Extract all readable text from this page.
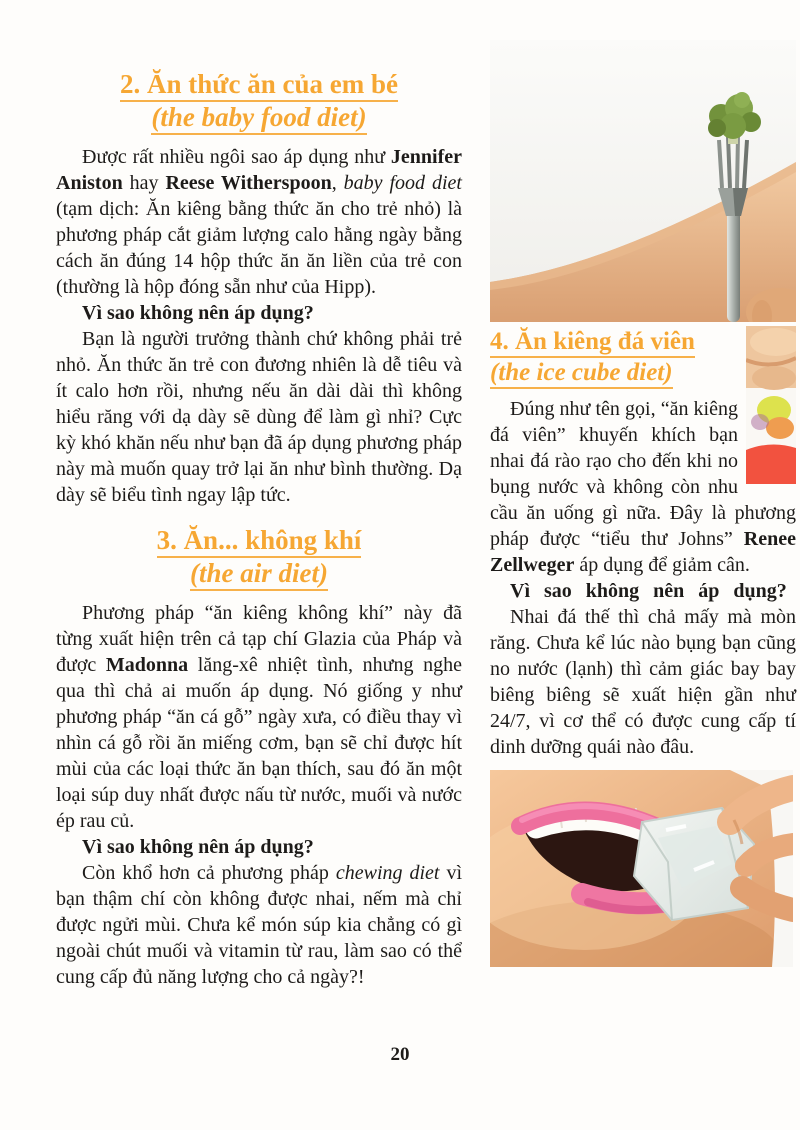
2. Ăn thức ăn của em bé
(the baby food diet)

Được rất nhiều ngôi sao áp dụng như Jennifer Aniston hay Reese Witherspoon, baby food diet (tạm dịch: Ăn kiêng bằng thức ăn cho trẻ nhỏ) là phương pháp cắt giảm lượng calo hằng ngày bằng cách ăn đúng 14 hộp thức ăn ăn liền của trẻ con (thường là hộp đóng sẵn như của Hipp).

Vì sao không nên áp dụng?

Bạn là người trưởng thành chứ không phải trẻ nhỏ. Ăn thức ăn trẻ con đương nhiên là dễ tiêu và ít calo hơn rồi, nhưng nếu ăn dài dài thì không hiểu răng với dạ dày sẽ dùng để làm gì nhỉ? Cực kỳ khó khăn nếu như bạn đã áp dụng phương pháp này mà muốn quay trở lại ăn như bình thường. Dạ dày sẽ biểu tình ngay lập tức.

3. Ăn... không khí
(the air diet)

Phương pháp “ăn kiêng không khí” này đã từng xuất hiện trên cả tạp chí Glazia của Pháp và được Madonna lăng-xê nhiệt tình, nhưng nghe qua thì chả ai muốn áp dụng. Nó giống y như phương pháp “ăn cá gỗ” ngày xưa, có điều thay vì nhìn cá gỗ rồi ăn miếng cơm, bạn sẽ chỉ được hít mùi của các loại thức ăn bạn thích, sau đó ăn một loại súp duy nhất được nấu từ nước, muối và nước ép rau củ.

Vì sao không nên áp dụng?

Còn khổ hơn cả phương pháp chewing diet vì bạn thậm chí còn không được nhai, nếm mà chỉ được ngửi mùi. Chưa kể món súp kia chẳng có gì ngoài chút muối và vitamin từ rau, làm sao có thể cung cấp đủ năng lượng cho cả ngày?!

4. Ăn kiêng đá viên
(the ice cube diet)

Đúng như tên gọi, “ăn kiêng đá viên” khuyến khích bạn nhai đá rào rạo cho đến khi no bụng nước và không còn nhu cầu ăn uống gì nữa. Đây là phương pháp được “tiểu thư Johns” Renee Zellweger áp dụng để giảm cân.

Vì sao không nên áp dụng?

Nhai đá thế thì chả mấy mà mòn răng. Chưa kể lúc nào bụng bạn cũng no nước (lạnh) thì cảm giác bay bay biêng biêng sẽ xuất hiện gần như 24/7, vì cơ thể có được cung cấp tí dinh dưỡng quái nào đâu.

20
